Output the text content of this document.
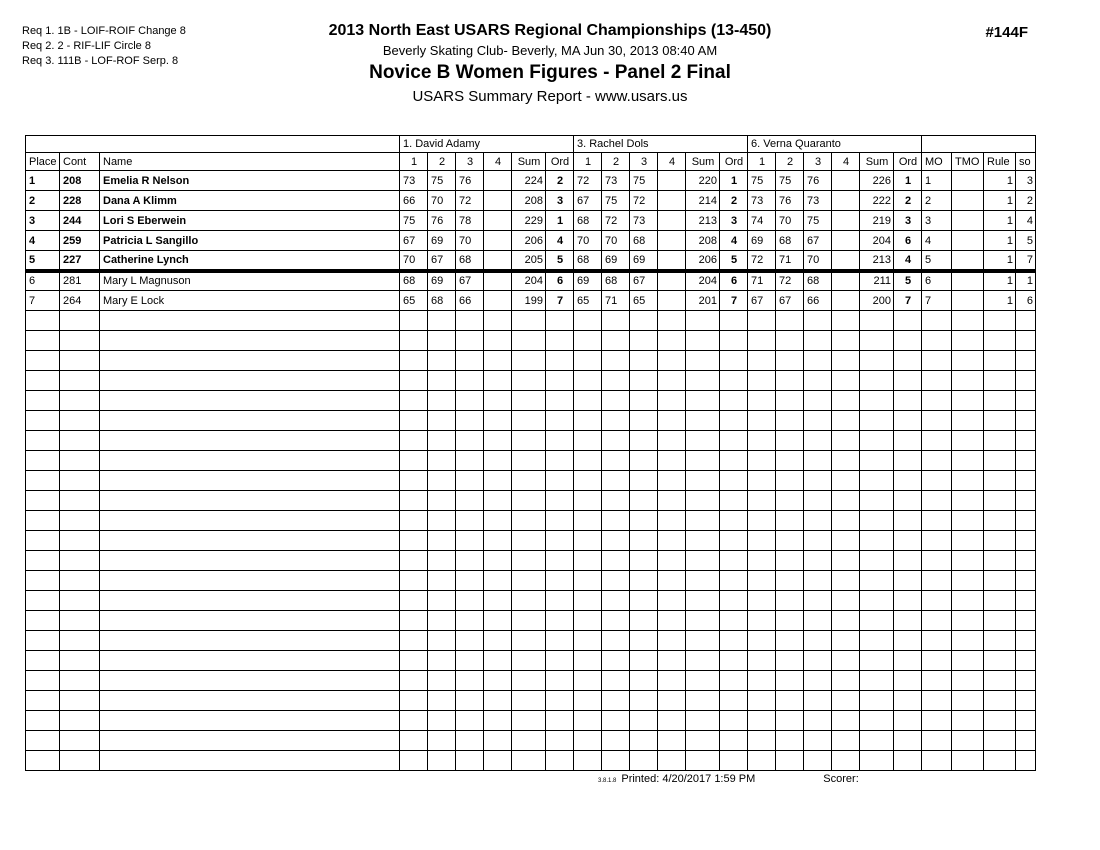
Req 1. 1B - LOIF-ROIF Change 8
Req 2. 2 - RIF-LIF Circle 8
Req 3. 111B - LOF-ROF Serp. 8
#144F
2013 North East USARS Regional Championships (13-450)
Beverly Skating Club- Beverly, MA Jun 30, 2013 08:40 AM
Novice B Women Figures - Panel 2 Final
USARS Summary Report - www.usars.us
			1. David Adamy						3. Rachel Dols						6. Verna Quaranto									
Place	Cont	Name	1	2	3	4	Sum	Ord	1	2	3	4	Sum	Ord	1	2	3	4	Sum	Ord	MO	TMO	Rule	so
1	208	Emelia R Nelson	73	75	76		224	2	72	73	75		220	1	75	75	76		226	1	1		1	3
2	228	Dana A Klimm	66	70	72		208	3	67	75	72		214	2	73	76	73		222	2	2		1	2
3	244	Lori S Eberwein	75	76	78		229	1	68	72	73		213	3	74	70	75		219	3	3		1	4
4	259	Patricia L Sangillo	67	69	70		206	4	70	70	68		208	4	69	68	67		204	6	4		1	5
5	227	Catherine Lynch	70	67	68		205	5	68	69	69		206	5	72	71	70		213	4	5		1	7
6	281	Mary L Magnuson	68	69	67		204	6	69	68	67		204	6	71	72	68		211	5	6		1	1
7	264	Mary E Lock	65	68	66		199	7	65	71	65		201	7	67	67	66		200	7	7		1	6

3.8.1.8 Printed: 4/20/2017 1:59 PM	Scorer:
